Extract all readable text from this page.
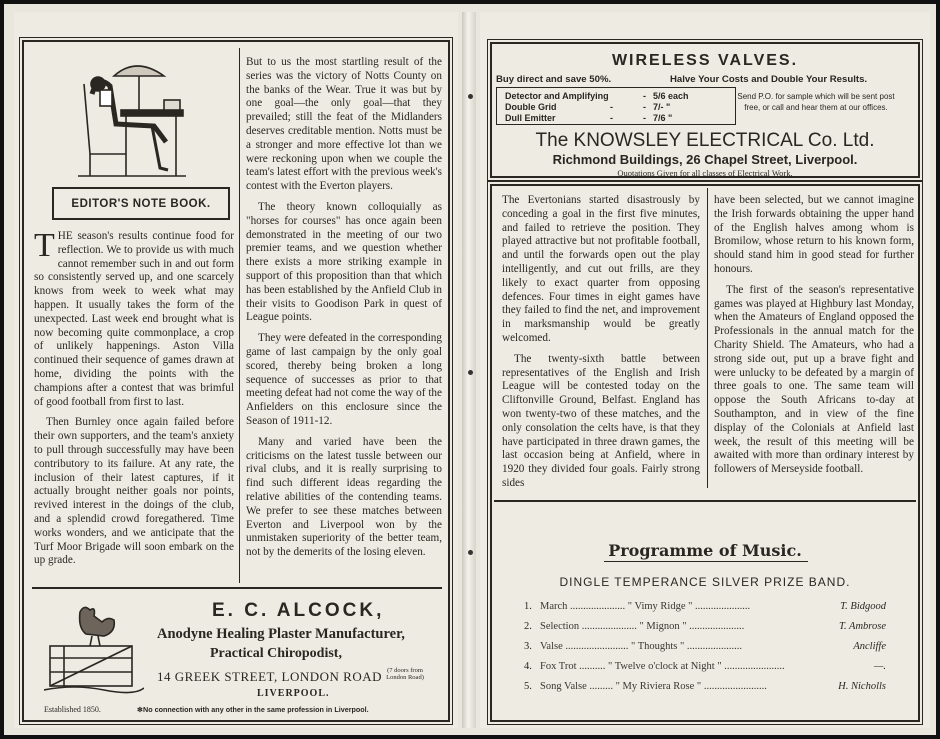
EDITOR'S NOTE BOOK.

THE season's results continue food for reflection. We to provide us with much cannot remember such in and out form so consistently served up, and one scarcely knows from week to week what may happen. It usually takes the form of the unexpected. Last week end brought what is now becoming quite commonplace, a crop of unlikely happenings. Aston Villa continued their sequence of games drawn at home, dividing the points with the champions after a contest that was brimful of good football from first to last.

Then Burnley once again failed before their own supporters, and the team's anxiety to pull through successfully may have been contributory to its failure. At any rate, the inclusion of their latest captures, if it actually brought neither goals nor points, revived interest in the doings of the club, and a splendid crowd foregathered. Time works wonders, and we anticipate that the Turf Moor Brigade will soon embark on the up grade.

But to us the most startling result of the series was the victory of Notts County on the banks of the Wear. True it was but by one goal—the only goal—that they prevailed; still the feat of the Midlanders deserves creditable mention. Notts must be a stronger and more effective lot than we were reckoning upon when we couple the team's latest effort with the previous week's contest with the Everton players.

The theory known colloquially as "horses for courses" has once again been demonstrated in the meeting of our two premier teams, and we question whether there exists a more striking example in support of this proposition than that which has been established by the Anfield Club in their visits to Goodison Park in quest of League points.

They were defeated in the corresponding game of last campaign by the only goal scored, thereby being broken a long sequence of successes as prior to that meeting defeat had not come the way of the Anfielders on this enclosure since the Season of 1911-12.

Many and varied have been the criticisms on the latest tussle between our rival clubs, and it is really surprising to find such different ideas regarding the relative abilities of the contending teams. We prefer to see these matches between Everton and Liverpool won by the unmistaken superiority of the better team, not by the demerits of the losing eleven.

E. C. ALCOCK,
Anodyne Healing Plaster Manufacturer,
Practical Chiropodist,
14 GREEK STREET, LONDON ROAD (7 doors from London Road)
LIVERPOOL.
Established 1850.	✻No connection with any other in the same profession in Liverpool.
WIRELESS VALVES.
Buy direct and save 50%.	Halve Your Costs and Double Your Results.
Detector and Amplifying	- 5/6 each
Double Grid	-	- 7/- "
Dull Emitter	-	- 7/6 "
Send P.O. for sample which will be sent post free, or call and hear them at our offices.
The KNOWSLEY ELECTRICAL Co. Ltd.
Richmond Buildings, 26 Chapel Street, Liverpool.
Quotations Given for all classes of Electrical Work.

The Evertonians started disastrously by conceding a goal in the first five minutes, and failed to retrieve the position. They played attractive but not profitable football, and until the forwards open out the play intelligently, and cut out frills, are they likely to exact quarter from opposing defences. Four times in eight games have they failed to find the net, and improvement in marksmanship would be greatly welcomed.

The twenty-sixth battle between representatives of the English and Irish League will be contested today on the Cliftonville Ground, Belfast. England has won twenty-two of these matches, and the only consolation the celts have, is that they have participated in three drawn games, the last occasion being at Anfield, where in 1920 they divided four goals. Fairly strong sides

have been selected, but we cannot imagine the Irish forwards obtaining the upper hand of the English halves among whom is Bromilow, whose return to his known form, should stand him in good stead for further honours.

The first of the season's representative games was played at Highbury last Monday, when the Amateurs of England opposed the Professionals in the annual match for the Charity Shield. The Amateurs, who had a strong side out, put up a brave fight and were unlucky to be defeated by a margin of three goals to one. The same team will oppose the South Africans to-day at Southampton, and in view of the fine display of the Colonials at Anfield last week, the result of this meeting will be awaited with more than ordinary interest by followers of Merseyside football.

Programme of Music.
DINGLE TEMPERANCE SILVER PRIZE BAND.
1. March ..................... " Vimy Ridge " .....................	T. Bidgood
2. Selection ..................... " Mignon " .....................	T. Ambrose
3. Valse ........................ " Thoughts " .....................	Ancliffe
4. Fox Trot .......... " Twelve o'clock at Night " .......................	—.
5. Song Valse ......... " My Riviera Rose " ........................	H. Nicholls
